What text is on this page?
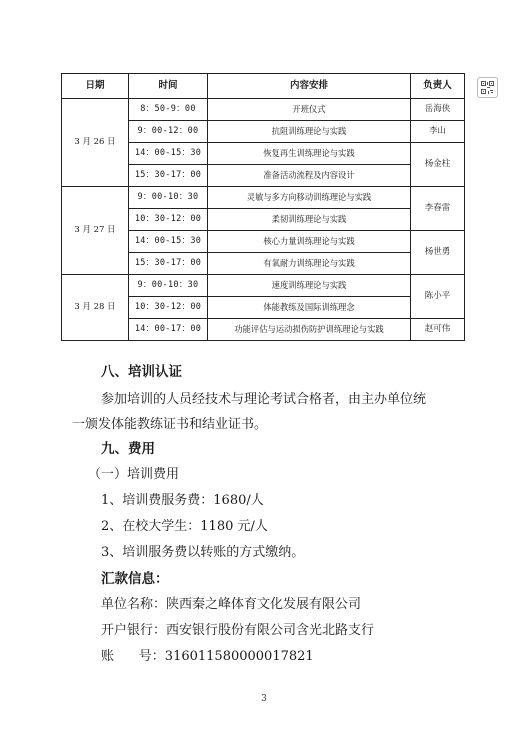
日期	时间	内容安排	负责人
3 月 26 日	8：50-9：00	开班仪式	岳海侠
	9：00-12：00	抗阻训练理论与实践	李山
	14：00-15：30	恢复再生训练理论与实践	杨金柱
	15：30-17：00	准备活动流程及内容设计	
3 月 27 日	9：00-10：30	灵敏与多方向移动训练理论与实践	李春雷
	10：30-12：00	柔韧训练理论与实践	
	14：00-15：30	核心力量训练理论与实践	杨世勇
	15：30-17：00	有氧耐力训练理论与实践	
3 月 28 日	9：00-10：30	速度训练理论与实践	陈小平
	10：30-12：00	体能教练及国际训练理念	
	14：00-17：00	功能评估与运动损伤防护训练理论与实践	赵可伟
八、培训认证
参加培训的人员经技术与理论考试合格者，由主办单位统
一颁发体能教练证书和结业证书。
九、费用
（一）培训费用
1、培训费服务费：1680/人
2、在校大学生：1180 元/人
3、培训服务费以转账的方式缴纳。
汇款信息：
单位名称：陕西秦之峰体育文化发展有限公司
开户银行：西安银行股份有限公司含光北路支行
账      号：316011580000017821
3
